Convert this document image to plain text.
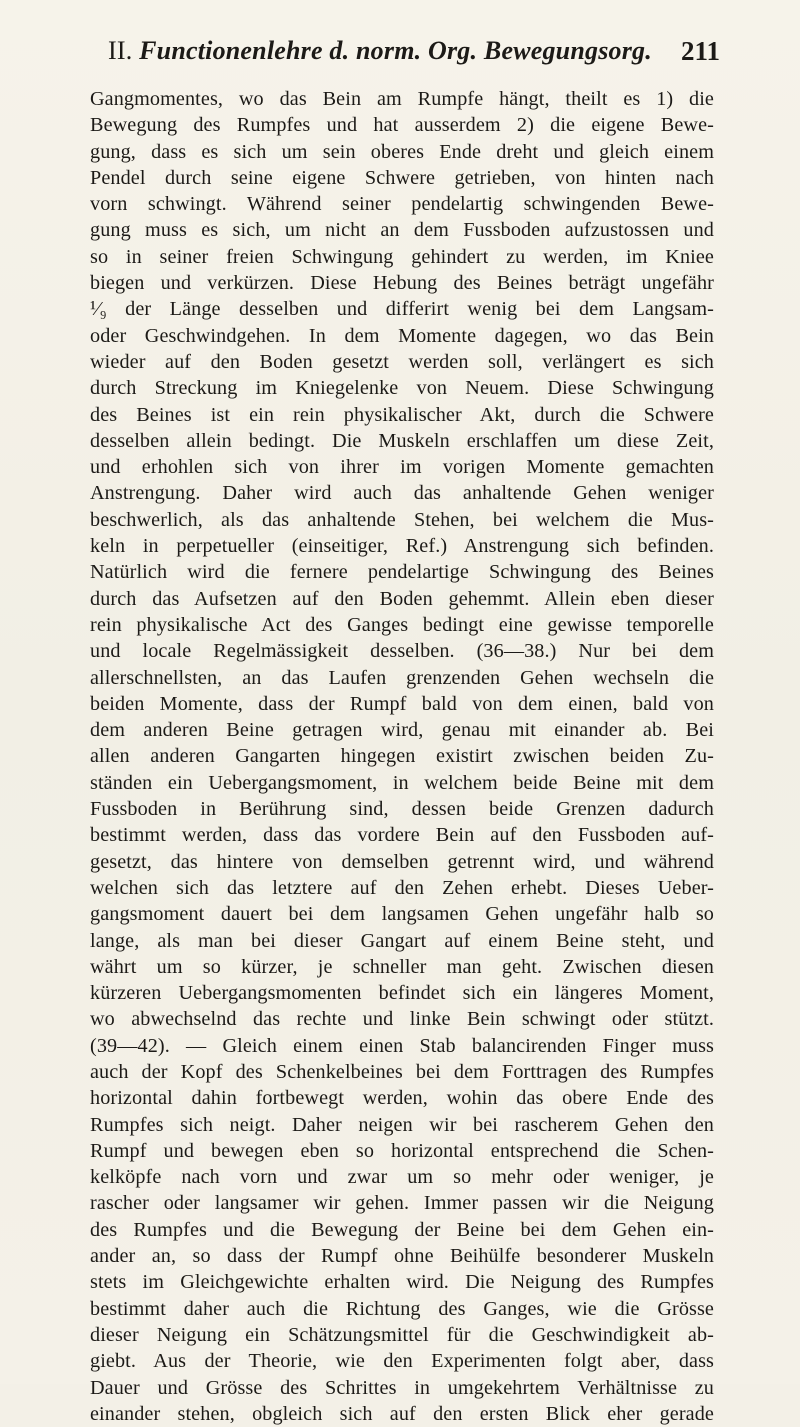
II. Functionenlehre d. norm. Org. Bewegungsorg. 211
Gangmomentes, wo das Bein am Rumpfe hängt, theilt es 1) die
Bewegung des Rumpfes und hat ausserdem 2) die eigene Bewe-
gung, dass es sich um sein oberes Ende dreht und gleich einem
Pendel durch seine eigene Schwere getrieben, von hinten nach
vorn schwingt. Während seiner pendelartig schwingenden Bewe-
gung muss es sich, um nicht an dem Fussboden aufzustossen und
so in seiner freien Schwingung gehindert zu werden, im Kniee
biegen und verkürzen. Diese Hebung des Beines beträgt ungefähr
¹⁄₉ der Länge desselben und differirt wenig bei dem Langsam-
oder Geschwindgehen. In dem Momente dagegen, wo das Bein
wieder auf den Boden gesetzt werden soll, verlängert es sich
durch Streckung im Kniegelenke von Neuem. Diese Schwingung
des Beines ist ein rein physikalischer Akt, durch die Schwere
desselben allein bedingt. Die Muskeln erschlaffen um diese Zeit,
und erhohlen sich von ihrer im vorigen Momente gemachten
Anstrengung. Daher wird auch das anhaltende Gehen weniger
beschwerlich, als das anhaltende Stehen, bei welchem die Mus-
keln in perpetueller (einseitiger, Ref.) Anstrengung sich befinden.
Natürlich wird die fernere pendelartige Schwingung des Beines
durch das Aufsetzen auf den Boden gehemmt. Allein eben dieser
rein physikalische Act des Ganges bedingt eine gewisse temporelle
und locale Regelmässigkeit desselben. (36—38.) Nur bei dem
allerschnellsten, an das Laufen grenzenden Gehen wechseln die
beiden Momente, dass der Rumpf bald von dem einen, bald von
dem anderen Beine getragen wird, genau mit einander ab. Bei
allen anderen Gangarten hingegen existirt zwischen beiden Zu-
ständen ein Uebergangsmoment, in welchem beide Beine mit dem
Fussboden in Berührung sind, dessen beide Grenzen dadurch
bestimmt werden, dass das vordere Bein auf den Fussboden auf-
gesetzt, das hintere von demselben getrennt wird, und während
welchen sich das letztere auf den Zehen erhebt. Dieses Ueber-
gangsmoment dauert bei dem langsamen Gehen ungefähr halb so
lange, als man bei dieser Gangart auf einem Beine steht, und
währt um so kürzer, je schneller man geht. Zwischen diesen
kürzeren Uebergangsmomenten befindet sich ein längeres Moment,
wo abwechselnd das rechte und linke Bein schwingt oder stützt.
(39—42). — Gleich einem einen Stab balancirenden Finger muss
auch der Kopf des Schenkelbeines bei dem Forttragen des Rumpfes
horizontal dahin fortbewegt werden, wohin das obere Ende des
Rumpfes sich neigt. Daher neigen wir bei rascherem Gehen den
Rumpf und bewegen eben so horizontal entsprechend die Schen-
kelköpfe nach vorn und zwar um so mehr oder weniger, je
rascher oder langsamer wir gehen. Immer passen wir die Neigung
des Rumpfes und die Bewegung der Beine bei dem Gehen ein-
ander an, so dass der Rumpf ohne Beihülfe besonderer Muskeln
stets im Gleichgewichte erhalten wird. Die Neigung des Rumpfes
bestimmt daher auch die Richtung des Ganges, wie die Grösse
dieser Neigung ein Schätzungsmittel für die Geschwindigkeit ab-
giebt. Aus der Theorie, wie den Experimenten folgt aber, dass
Dauer und Grösse des Schrittes in umgekehrtem Verhältnisse zu
einander stehen, obgleich sich auf den ersten Blick eher gerade
